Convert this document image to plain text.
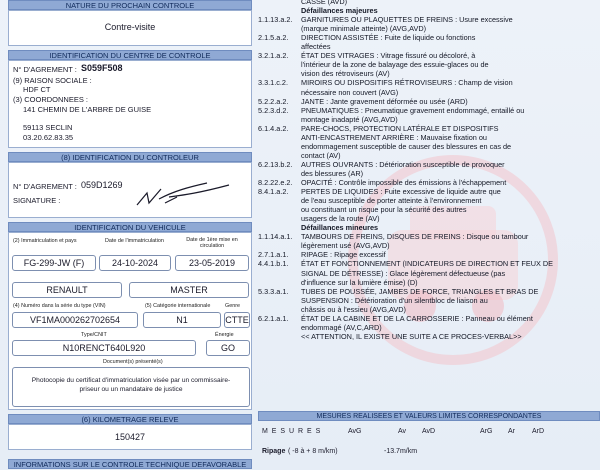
NATURE DU PROCHAIN CONTROLE
Contre-visite
IDENTIFICATION DU CENTRE DE CONTROLE
N° D'AGREMENT : S059F508
(9) RAISON SOCIALE :
HDF CT
(3) COORDONNEES :
141 CHEMIN DE L'ARBRE DE GUISE
59113 SECLIN
03.20.62.83.35
(8) IDENTIFICATION DU CONTROLEUR
N° D'AGREMENT : 059D1269
SIGNATURE :
IDENTIFICATION DU VEHICULE
(2) Immatriculation et pays	Date de l'immatriculation	Date de 1ère mise en circulation
FG-299-JW (F)	24-10-2024	23-05-2019
RENAULT	MASTER
(4) Numéro dans la série du type (VIN)	(5) Catégorie internationale	Genre
VF1MA000262702654	N1	CTTE
Type/CNIT	Énergie
N10RENCT640L920	GO
Document(s) présenté(s)
Photocopie du certificat d'immatriculation visée par un commissaire-priseur ou un mandataire de justice
(6) KILOMETRAGE RELEVE
150427
INFORMATIONS SUR LE CONTROLE TECHNIQUE DEFAVORABLE
CASSE (AVD)
Défaillances majeures
1.1.13.a.2. GARNITURES OU PLAQUETTES DE FREINS : Usure excessive
(marque minimale atteinte) (AVG,AVD)
2.1.5.a.2. DIRECTION ASSISTÉE : Fuite de liquide ou fonctions
affectées
3.2.1.a.2. ÉTAT DES VITRAGES : Vitrage fissuré ou décoloré, à
l'intérieur de la zone de balayage des essuie-glaces ou de
vision des rétroviseurs (AV)
3.3.1.c.2. MIROIRS OU DISPOSITIFS RÉTROVISEURS : Champ de vision
nécessaire non couvert (AVG)
5.2.2.a.2. JANTE : Jante gravement déformée ou usée (ARD)
5.2.3.d.2. PNEUMATIQUES : Pneumatique gravement endommagé, entaillé ou
montage inadapté (AVG,AVD)
6.1.4.a.2. PARE-CHOCS, PROTECTION LATÉRALE ET DISPOSITIFS
ANTI-ENCASTREMENT ARRIÈRE : Mauvaise fixation ou
endommagement susceptible de causer des blessures en cas de
contact (AV)
6.2.13.b.2. AUTRES OUVRANTS : Détérioration susceptible de provoquer
des blessures (AR)
8.2.22.e.2. OPACITÉ : Contrôle impossible des émissions à l'échappement
8.4.1.a.2. PERTES DE LIQUIDES : Fuite excessive de liquide autre que
de l'eau susceptible de porter atteinte à l'environnement
ou constituant un risque pour la sécurité des autres
usagers de la route (AV)
Défaillances mineures
1.1.14.a.1. TAMBOURS DE FREINS, DISQUES DE FREINS : Disque ou tambour
légèrement usé (AVG,AVD)
2.7.1.a.1. RIPAGE : Ripage excessif
4.4.1.b.1. ÉTAT ET FONCTIONNEMENT (INDICATEURS DE DIRECTION ET FEUX DE
SIGNAL DE DÉTRESSE) : Glace légèrement défectueuse (pas
d'influence sur la lumière émise) (D)
5.3.3.a.1. TUBES DE POUSSÉE, JAMBES DE FORCE, TRIANGLES ET BRAS DE
SUSPENSION : Détérioration d'un silentbloc de liaison au
châssis ou à l'essieu (AVG,AVD)
6.2.1.a.1. ÉTAT DE LA CABINE ET DE LA CARROSSERIE : Panneau ou élément
endommagé (AV,C,ARD)
<< ATTENTION, IL EXISTE UNE SUITE A CE PROCES-VERBAL>>
MESURES REALISEES ET VALEURS LIMITES CORRESPONDANTES
M E S U R E S	AvG	Av AvD	ArG Ar ArD
Ripage ( -8 à + 8 m/km)	-13.7m/km
